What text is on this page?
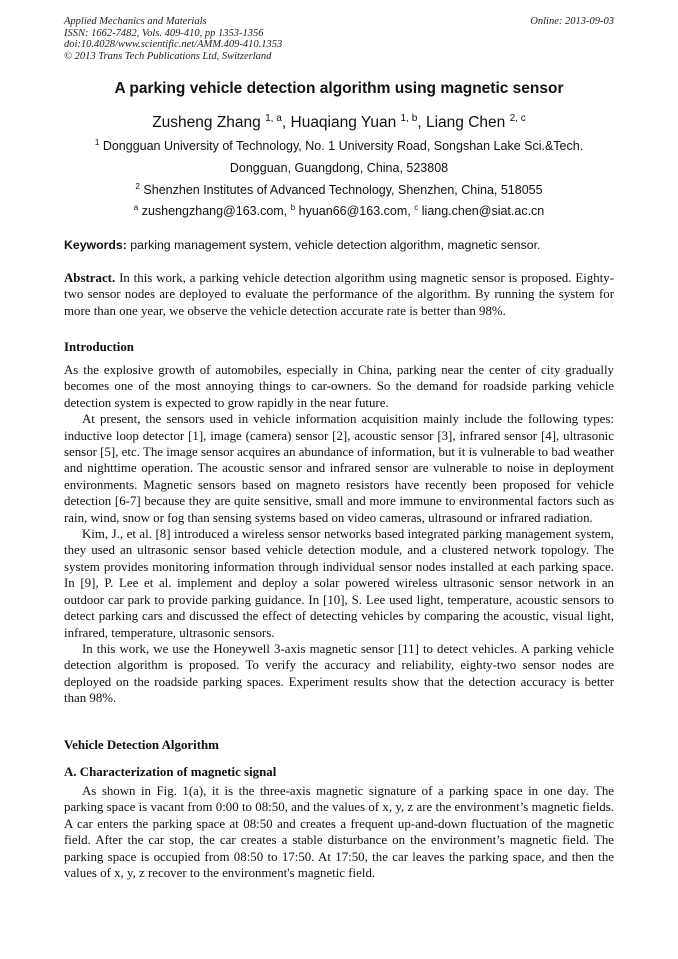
Applied Mechanics and Materials
ISSN: 1662-7482, Vols. 409-410, pp 1353-1356
doi:10.4028/www.scientific.net/AMM.409-410.1353
© 2013 Trans Tech Publications Ltd, Switzerland
Online: 2013-09-03
A parking vehicle detection algorithm using magnetic sensor
Zusheng Zhang $^{1, a}$, Huaqiang Yuan $^{1, b}$, Liang Chen $^{2, c}$
$^1$ Dongguan University of Technology, No. 1 University Road, Songshan Lake Sci.&Tech.
Dongguan, Guangdong, China, 523808
$^2$ Shenzhen Institutes of Advanced Technology, Shenzhen, China, 518055
$^a$ zushengzhang@163.com, $^b$ hyuan66@163.com, $^c$ liang.chen@siat.ac.cn
Keywords: parking management system, vehicle detection algorithm, magnetic sensor.

Abstract. In this work, a parking vehicle detection algorithm using magnetic sensor is proposed. Eighty-two sensor nodes are deployed to evaluate the performance of the algorithm. By running the system for more than one year, we observe the vehicle detection accurate rate is better than 98%.

Introduction

As the explosive growth of automobiles, especially in China, parking near the center of city gradually becomes one of the most annoying things to car-owners. So the demand for roadside parking vehicle detection system is expected to grow rapidly in the near future.

At present, the sensors used in vehicle information acquisition mainly include the following types: inductive loop detector [1], image (camera) sensor [2], acoustic sensor [3], infrared sensor [4], ultrasonic sensor [5], etc. The image sensor acquires an abundance of information, but it is vulnerable to bad weather and nighttime operation. The acoustic sensor and infrared sensor are vulnerable to noise in deployment environments. Magnetic sensors based on magneto resistors have recently been proposed for vehicle detection [6-7] because they are quite sensitive, small and more immune to environmental factors such as rain, wind, snow or fog than sensing systems based on video cameras, ultrasound or infrared radiation.

Kim, J., et al. [8] introduced a wireless sensor networks based integrated parking management system, they used an ultrasonic sensor based vehicle detection module, and a clustered network topology. The system provides monitoring information through individual sensor nodes installed at each parking space. In [9], P. Lee et al. implement and deploy a solar powered wireless ultrasonic sensor network in an outdoor car park to provide parking guidance. In [10], S. Lee used light, temperature, acoustic sensors to detect parking cars and discussed the effect of detecting vehicles by comparing the acoustic, visual light, infrared, temperature, ultrasonic sensors.

In this work, we use the Honeywell 3-axis magnetic sensor [11] to detect vehicles. A parking vehicle detection algorithm is proposed. To verify the accuracy and reliability, eighty-two sensor nodes are deployed on the roadside parking spaces. Experiment results show that the detection accuracy is better than 98%.

Vehicle Detection Algorithm
A. Characterization of magnetic signal

As shown in Fig. 1(a), it is the three-axis magnetic signature of a parking space in one day. The parking space is vacant from 0:00 to 08:50, and the values of x, y, z are the environment’s magnetic fields. A car enters the parking space at 08:50 and creates a frequent up-and-down fluctuation of the magnetic field. After the car stop, the car creates a stable disturbance on the environment’s magnetic field. The parking space is occupied from 08:50 to 17:50. At 17:50, the car leaves the parking space, and then the values of x, y, z recover to the environment's magnetic field.
